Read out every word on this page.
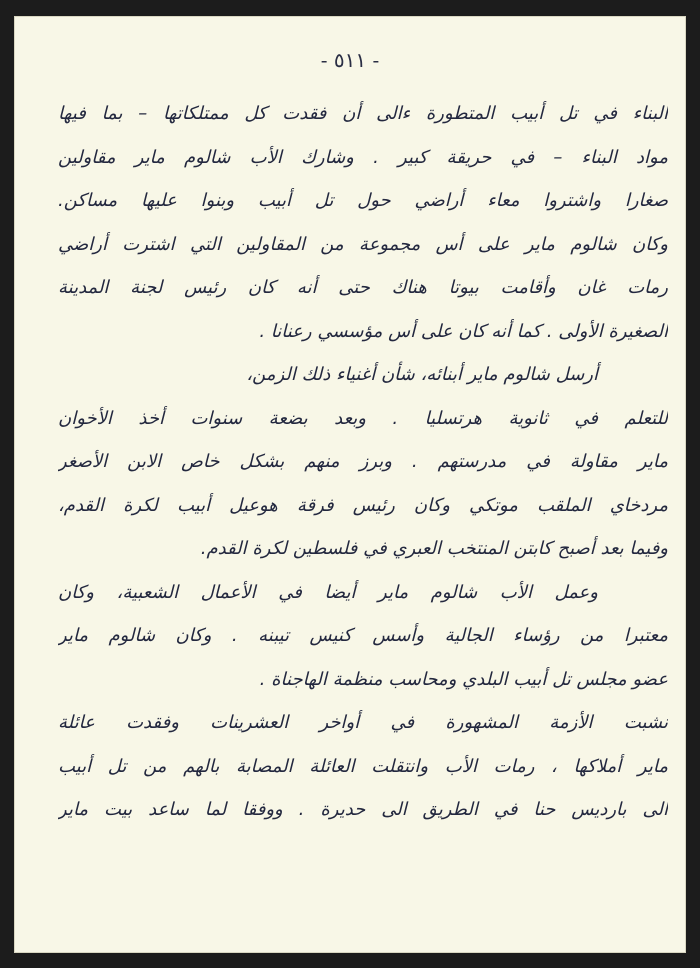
- ٥١١ -
البناء في تل أبيب المتطورة ءالى أن فقدت كل ممتلكاتها – بما فيها
مواد البناء – في حريقة كبير . وشارك الأب شالوم ماير مقاولين
صغارا واشتروا معاء أراضي حول تل أبيب وبنوا عليها مساكن.
وكان شالوم ماير على أس مجموعة من المقاولين التي اشترت أراضي
رمات غان وأقامت بيوتا هناك حتى أنه كان رئيس لجنة المدينة
الصغيرة الأولى . كما أنه كان على أس مؤسسي رعنانا .
أرسل شالوم ماير أبنائه، شأن أغنياء ذلك الزمن،
للتعلم في ثانوية هرتسليا . وبعد بضعة سنوات أخذ الأخوان
ماير مقاولة في مدرستهم . وبرز منهم بشكل خاص الابن الأصغر
مردخاي الملقب موتكي وكان رئيس فرقة هوعيل أبيب لكرة القدم،
وفيما بعد أصبح كابتن المنتخب العبري في فلسطين لكرة القدم.
وعمل الأب شالوم ماير أيضا في الأعمال الشعبية، وكان
معتبرا من رؤساء الجالية وأسس كنيس تيبنه . وكان شالوم ماير
عضو مجلس تل أبيب البلدي ومحاسب منظمة الهاجناة .
نشبت الأزمة المشهورة في أواخر العشرينات وفقدت عائلة
ماير أملاكها ، رمات الأب وانتقلت العائلة المصابة بالهم من تل أبيب
الى بارديس حنا في الطريق الى حديرة . ووفقا لما ساعد بيت ماير
